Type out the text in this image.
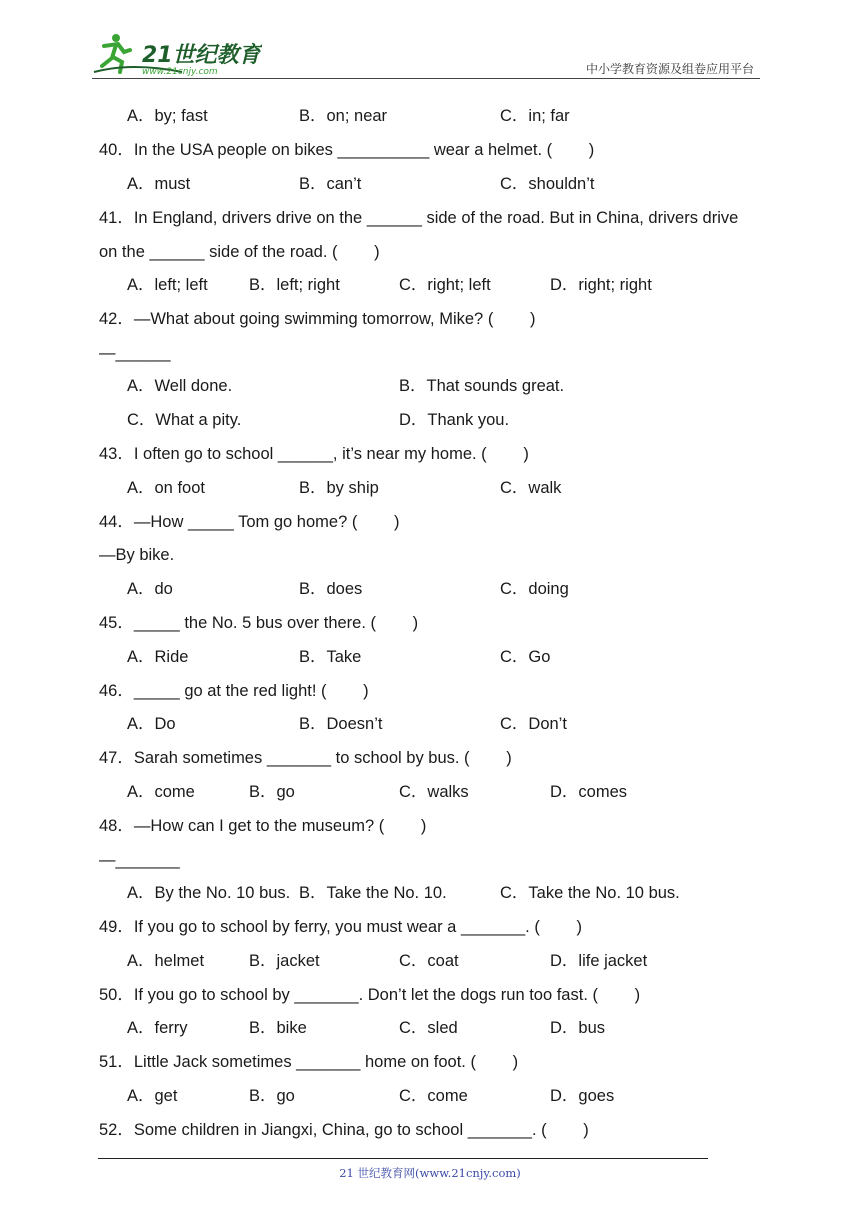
21世纪教育
www.21cnjy.com	中小学教育资源及组卷应用平台
A．by; fast	B．on; near	C．in; far
40．In the USA people on bikes __________ wear a helmet. (        )
A．must	B．can’t	C．shouldn’t
41．In England, drivers drive on the ______ side of the road. But in China, drivers drive
on the ______ side of the road. (        )
A．left; left	B．left; right	C．right; left	D．right; right
42．—What about going swimming tomorrow, Mike? (        )
—______
A．Well done.	B．That sounds great.
C．What a pity.	D．Thank you.
43．I often go to school ______, it’s near my home. (        )
A．on foot	B．by ship	C．walk
44．—How _____ Tom go home? (        )
—By bike.
A．do	B．does	C．doing
45．_____ the No. 5 bus over there. (        )
A．Ride	B．Take	C．Go
46．_____ go at the red light! (        )
A．Do	B．Doesn’t	C．Don’t
47．Sarah sometimes _______ to school by bus. (        )
A．come	B．go	C．walks	D．comes
48．—How can I get to the museum? (        )
—_______
A．By the No. 10 bus. B．Take the No. 10.	C．Take the No. 10 bus.
49．If you go to school by ferry, you must wear a _______. (        )
A．helmet	B．jacket	C．coat	D．life jacket
50．If you go to school by _______. Don’t let the dogs run too fast. (        )
A．ferry	B．bike	C．sled	D．bus
51．Little Jack sometimes _______ home on foot. (        )
A．get	B．go	C．come	D．goes
52．Some children in Jiangxi, China, go to school _______. (        )
21 世纪教育网(www.21cnjy.com)
